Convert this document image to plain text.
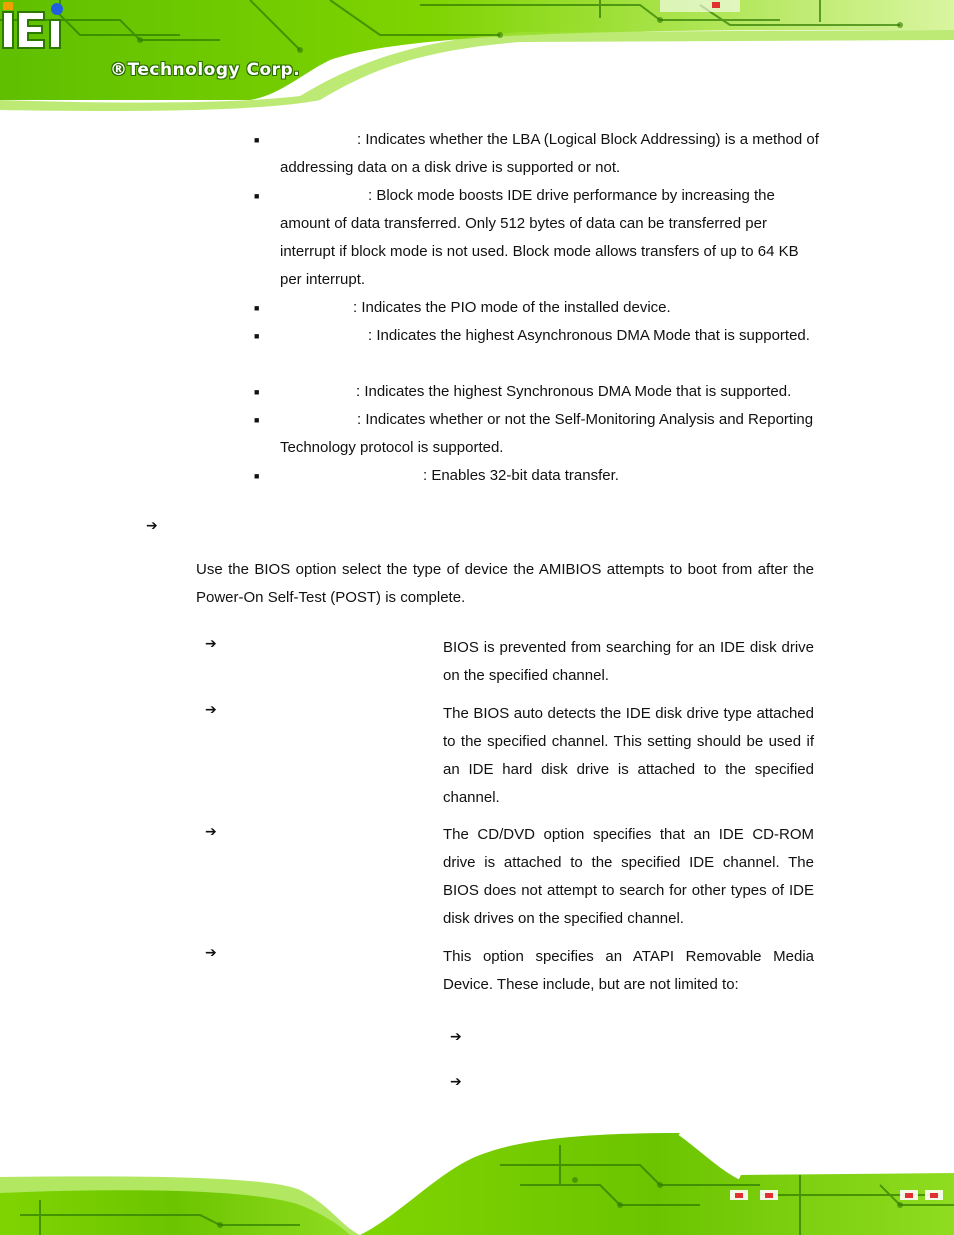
®Technology Corp.
■	: Indicates whether the LBA (Logical Block Addressing) is a method of addressing data on a disk drive is supported or not.
■	: Block mode boosts IDE drive performance by increasing the amount of data transferred. Only 512 bytes of data can be transferred per interrupt if block mode is not used. Block mode allows transfers of up to 64 KB per interrupt.
■	: Indicates the PIO mode of the installed device.
■	: Indicates the highest Asynchronous DMA Mode that is supported.
■	: Indicates the highest Synchronous DMA Mode that is supported.
■	: Indicates whether or not the Self-Monitoring Analysis and Reporting Technology protocol is supported.
■	: Enables 32-bit data transfer.
➔
Use the BIOS option select the type of device the AMIBIOS attempts to boot from after the Power-On Self-Test (POST) is complete.
➔	BIOS is prevented from searching for an IDE disk drive on the specified channel.
➔	The BIOS auto detects the IDE disk drive type attached to the specified channel. This setting should be used if an IDE hard disk drive is attached to the specified channel.
➔	The CD/DVD option specifies that an IDE CD-ROM drive is attached to the specified IDE channel. The BIOS does not attempt to search for other types of IDE disk drives on the specified channel.
➔	This option specifies an ATAPI Removable Media Device. These include, but are not limited to:
➔
➔
